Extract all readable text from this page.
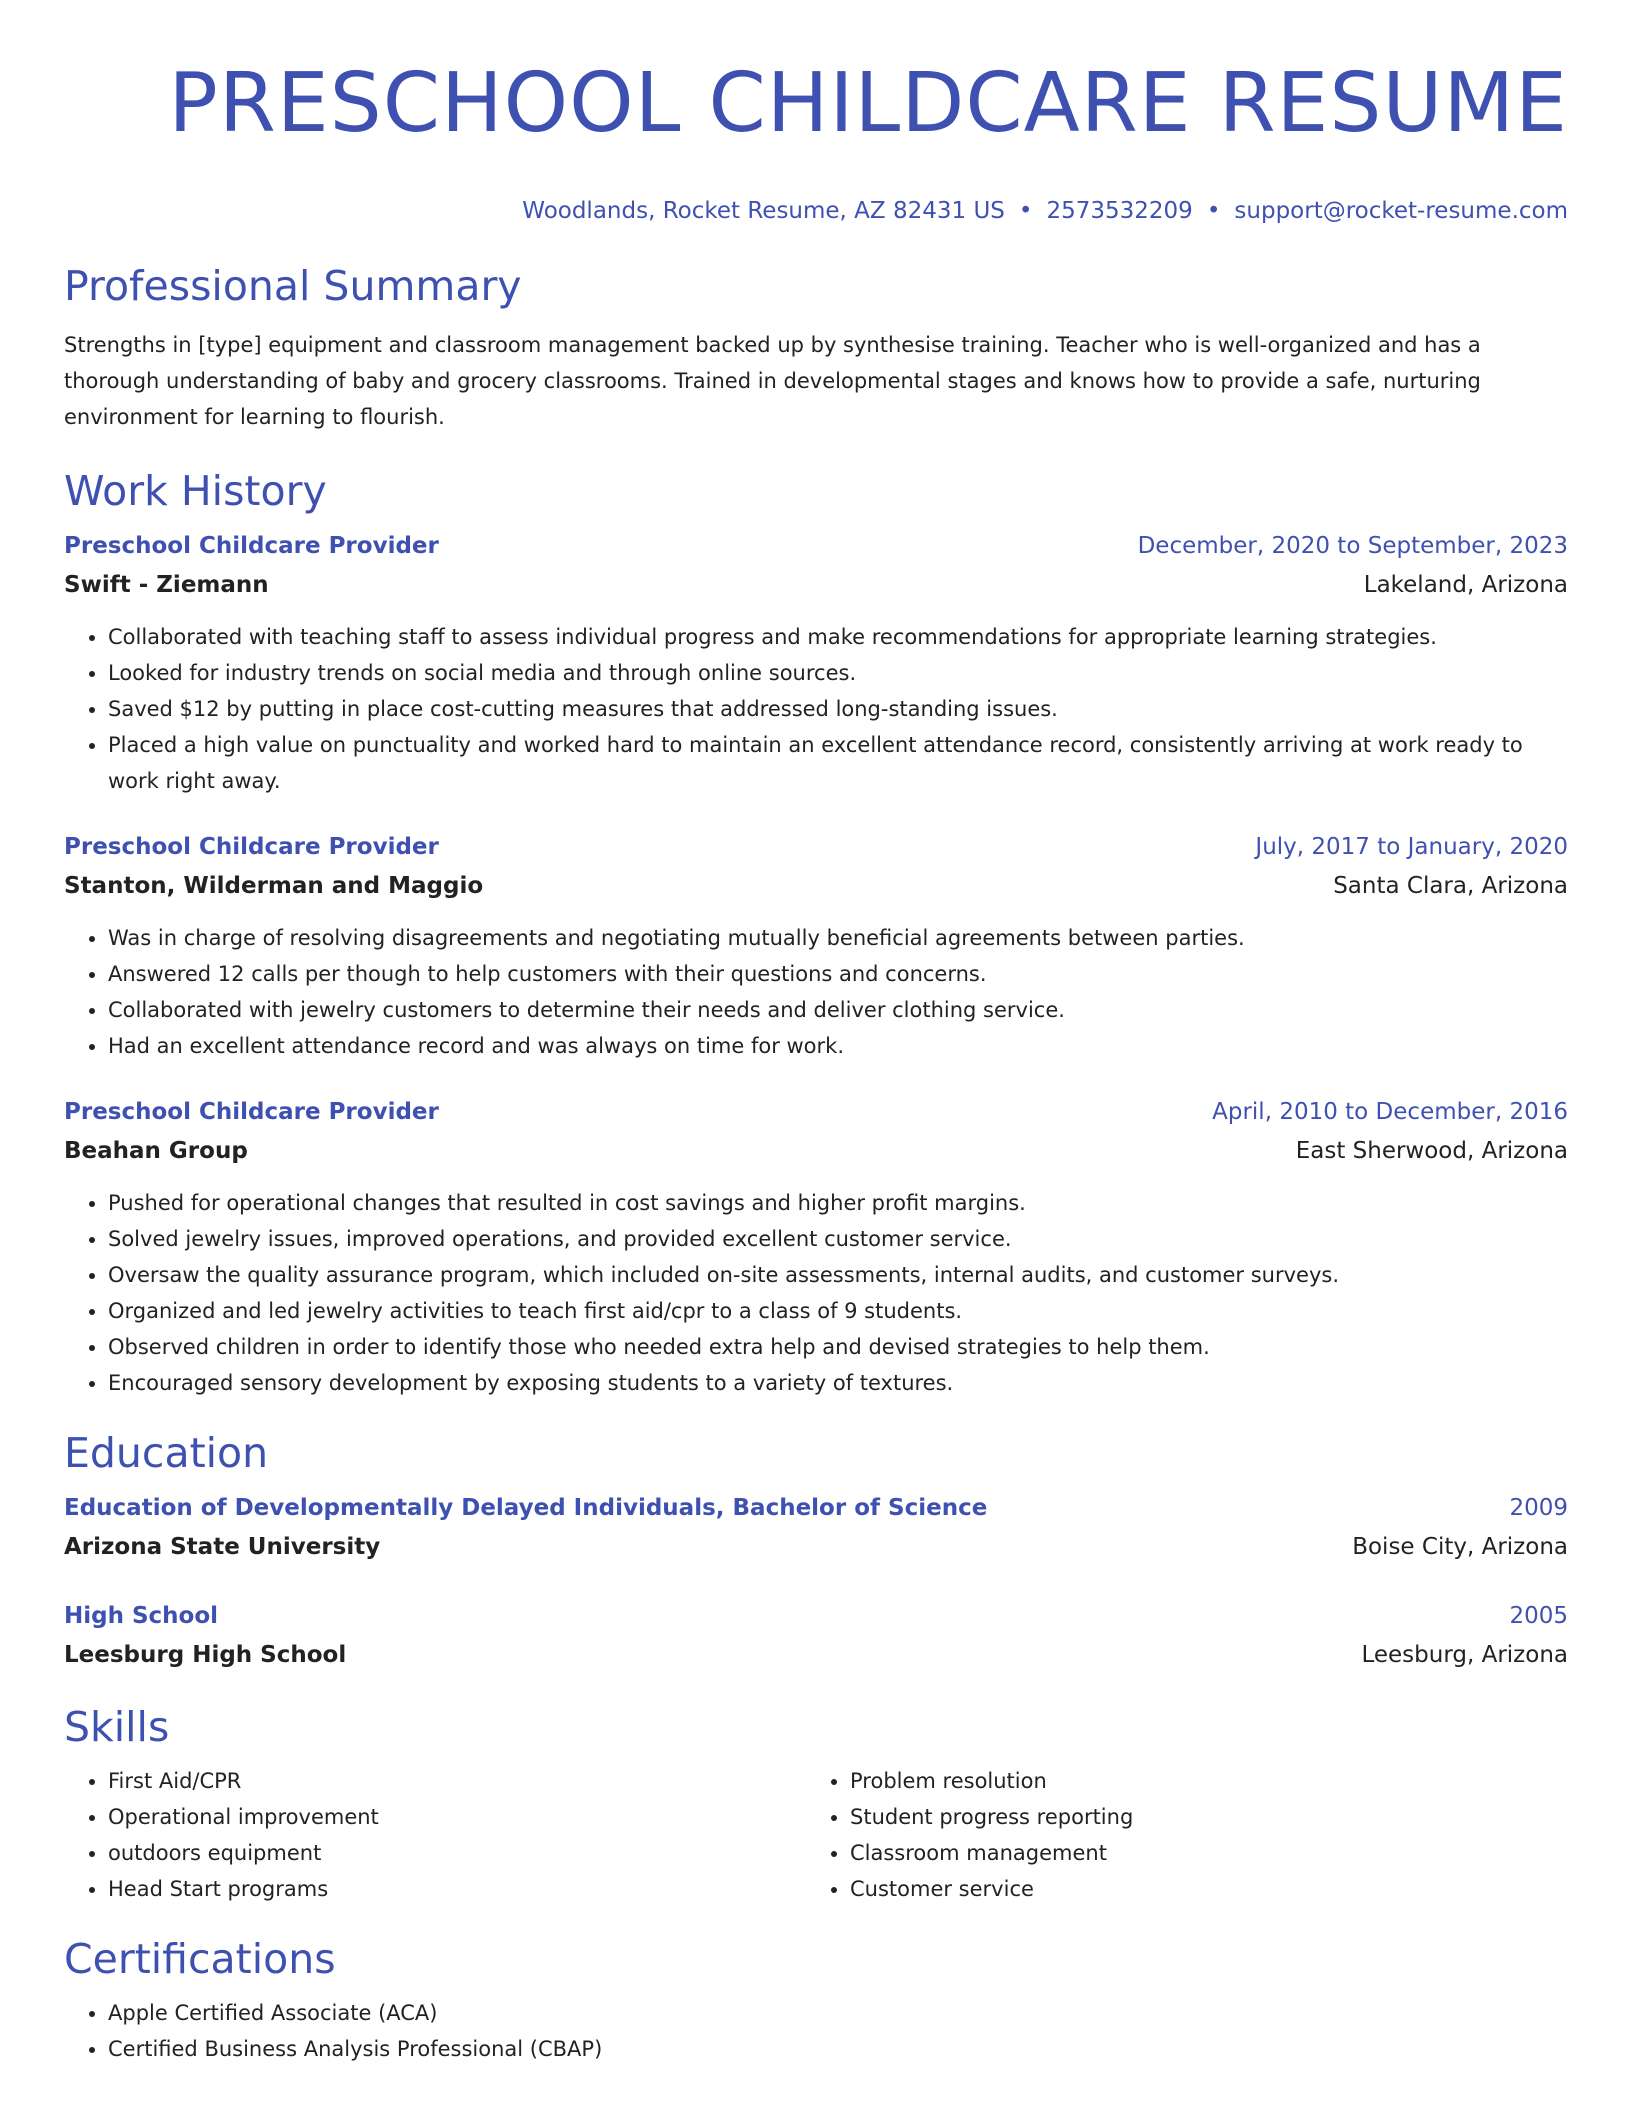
PRESCHOOL CHILDCARE RESUME
Woodlands, Rocket Resume, AZ 82431 US • 2573532209 • support@rocket-resume.com
Professional Summary

Strengths in [type] equipment and classroom management backed up by synthesise training. Teacher who is well-organized and has a thorough understanding of baby and grocery classrooms. Trained in developmental stages and knows how to provide a safe, nurturing environment for learning to flourish.

Work History
Preschool Childcare Provider	December, 2020 to September, 2023
Swift - Ziemann	Lakeland, Arizona
• Collaborated with teaching staff to assess individual progress and make recommendations for appropriate learning strategies.
• Looked for industry trends on social media and through online sources.
• Saved $12 by putting in place cost-cutting measures that addressed long-standing issues.
• Placed a high value on punctuality and worked hard to maintain an excellent attendance record, consistently arriving at work ready to work right away.
Preschool Childcare Provider	July, 2017 to January, 2020
Stanton, Wilderman and Maggio	Santa Clara, Arizona
• Was in charge of resolving disagreements and negotiating mutually beneficial agreements between parties.
• Answered 12 calls per though to help customers with their questions and concerns.
• Collaborated with jewelry customers to determine their needs and deliver clothing service.
• Had an excellent attendance record and was always on time for work.
Preschool Childcare Provider	April, 2010 to December, 2016
Beahan Group	East Sherwood, Arizona
• Pushed for operational changes that resulted in cost savings and higher profit margins.
• Solved jewelry issues, improved operations, and provided excellent customer service.
• Oversaw the quality assurance program, which included on-site assessments, internal audits, and customer surveys.
• Organized and led jewelry activities to teach first aid/cpr to a class of 9 students.
• Observed children in order to identify those who needed extra help and devised strategies to help them.
• Encouraged sensory development by exposing students to a variety of textures.
Education
Education of Developmentally Delayed Individuals, Bachelor of Science	2009
Arizona State University	Boise City, Arizona
High School	2005
Leesburg High School	Leesburg, Arizona
Skills
• First Aid/CPR
• Operational improvement
• outdoors equipment
• Head Start programs
• Problem resolution
• Student progress reporting
• Classroom management
• Customer service
Certifications
• Apple Certified Associate (ACA)
• Certified Business Analysis Professional (CBAP)
